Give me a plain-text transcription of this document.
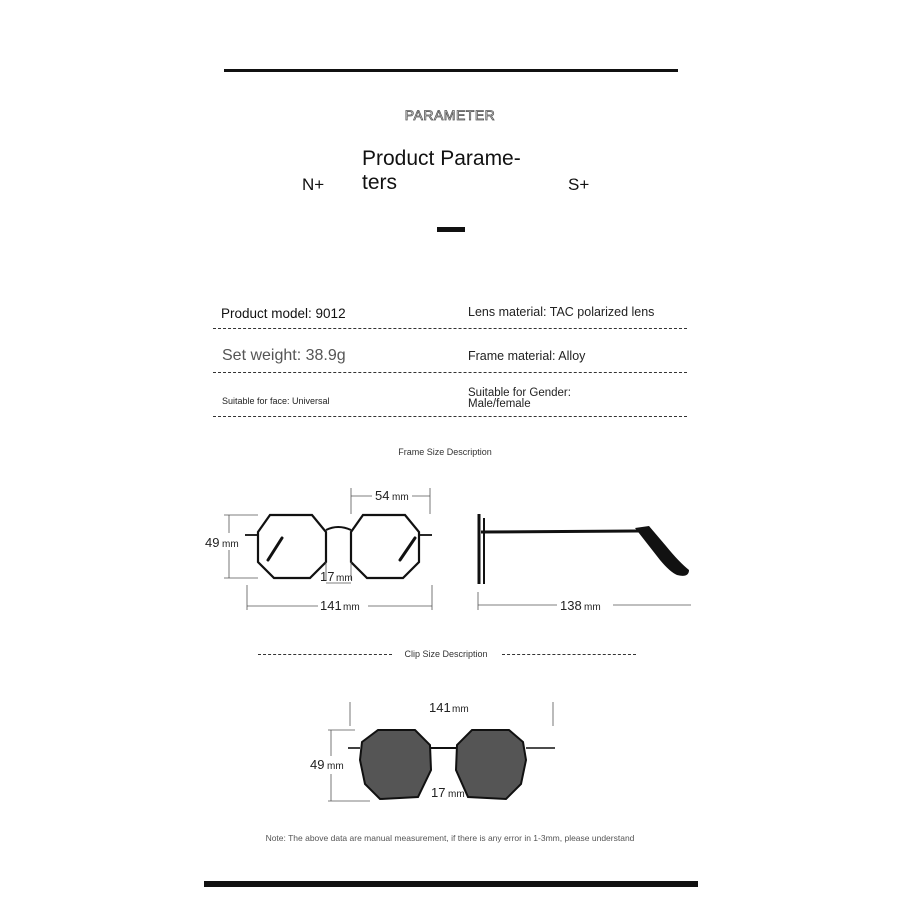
PARAMETER
N+
Product Parame-
ters	S+
Product model: 9012	Lens material: TAC polarized lens
Set weight: 38.9g	Frame material: Alloy
Suitable for face: Universal
Suitable for Gender:
Male/female
Frame Size Description
54 mm
49 mm
17 mm
141 mm	138 mm
Clip Size Description
141 mm
49 mm
17 mm
Note: The above data are manual measurement, if there is any error in 1-3mm, please understand
